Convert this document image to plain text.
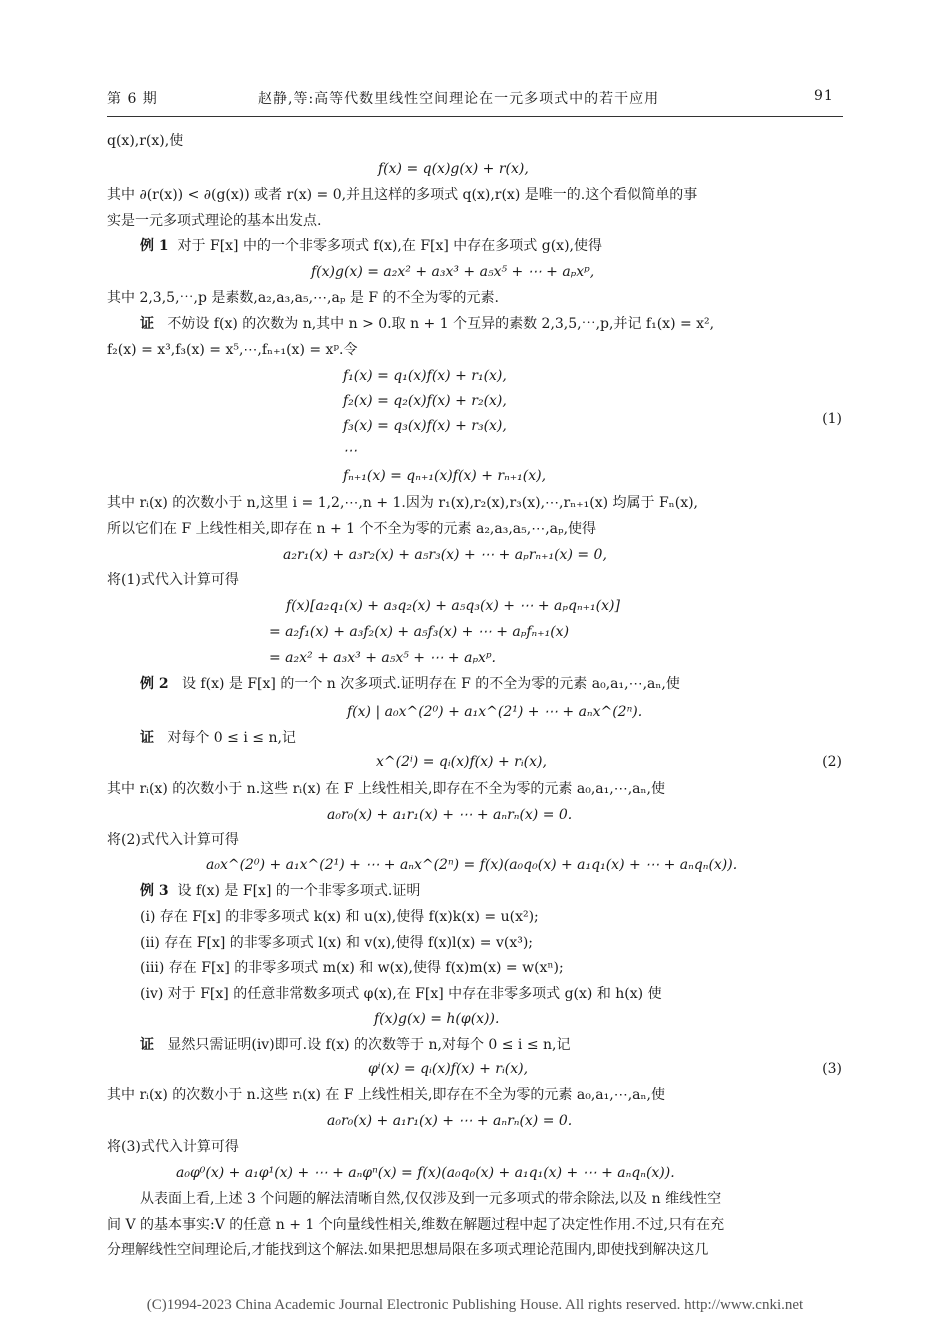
第 6 期	赵静,等:高等代数里线性空间理论在一元多项式中的若干应用	91
q(x),r(x),使
f(x) = q(x)g(x) + r(x),
其中 ∂(r(x)) < ∂(g(x)) 或者 r(x) = 0,并且这样的多项式 q(x),r(x) 是唯一的.这个看似简单的事
实是一元多项式理论的基本出发点.
例 1 对于 F[x] 中的一个非零多项式 f(x),在 F[x] 中存在多项式 g(x),使得
f(x)g(x) = a₂x² + a₃x³ + a₅x⁵ + ⋯ + aₚxᵖ,
其中 2,3,5,⋯,p 是素数,a₂,a₃,a₅,⋯,aₚ 是 F 的不全为零的元素.
证 不妨设 f(x) 的次数为 n,其中 n > 0.取 n + 1 个互异的素数 2,3,5,⋯,p,并记 f₁(x) = x²,
f₂(x) = x³,f₃(x) = x⁵,⋯,fₙ₊₁(x) = xᵖ.令
f₁(x) = q₁(x)f(x) + r₁(x),
f₂(x) = q₂(x)f(x) + r₂(x),
f₃(x) = q₃(x)f(x) + r₃(x),
⋯
fₙ₊₁(x) = qₙ₊₁(x)f(x) + rₙ₊₁(x),
(1)
其中 rᵢ(x) 的次数小于 n,这里 i = 1,2,⋯,n + 1.因为 r₁(x),r₂(x),r₃(x),⋯,rₙ₊₁(x) 均属于 Fₙ(x),
所以它们在 F 上线性相关,即存在 n + 1 个不全为零的元素 a₂,a₃,a₅,⋯,aₚ,使得
a₂r₁(x) + a₃r₂(x) + a₅r₃(x) + ⋯ + aₚrₙ₊₁(x) = 0,
将(1)式代入计算可得
f(x)[a₂q₁(x) + a₃q₂(x) + a₅q₃(x) + ⋯ + aₚqₙ₊₁(x)]
= a₂f₁(x) + a₃f₂(x) + a₅f₃(x) + ⋯ + aₚfₙ₊₁(x)
= a₂x² + a₃x³ + a₅x⁵ + ⋯ + aₚxᵖ.
例 2 设 f(x) 是 F[x] 的一个 n 次多项式.证明存在 F 的不全为零的元素 a₀,a₁,⋯,aₙ,使
f(x) | a₀x^(2⁰) + a₁x^(2¹) + ⋯ + aₙx^(2ⁿ).
证 对每个 0 ≤ i ≤ n,记
x^(2ⁱ) = qᵢ(x)f(x) + rᵢ(x),	(2)
其中 rᵢ(x) 的次数小于 n.这些 rᵢ(x) 在 F 上线性相关,即存在不全为零的元素 a₀,a₁,⋯,aₙ,使
a₀r₀(x) + a₁r₁(x) + ⋯ + aₙrₙ(x) = 0.
将(2)式代入计算可得
a₀x^(2⁰) + a₁x^(2¹) + ⋯ + aₙx^(2ⁿ) = f(x)(a₀q₀(x) + a₁q₁(x) + ⋯ + aₙqₙ(x)).
例 3 设 f(x) 是 F[x] 的一个非零多项式.证明
(i) 存在 F[x] 的非零多项式 k(x) 和 u(x),使得 f(x)k(x) = u(x²);
(ii) 存在 F[x] 的非零多项式 l(x) 和 v(x),使得 f(x)l(x) = v(x³);
(iii) 存在 F[x] 的非零多项式 m(x) 和 w(x),使得 f(x)m(x) = w(xⁿ);
(iv) 对于 F[x] 的任意非常数多项式 φ(x),在 F[x] 中存在非零多项式 g(x) 和 h(x) 使
f(x)g(x) = h(φ(x)).
证 显然只需证明(iv)即可.设 f(x) 的次数等于 n,对每个 0 ≤ i ≤ n,记
φⁱ(x) = qᵢ(x)f(x) + rᵢ(x),	(3)
其中 rᵢ(x) 的次数小于 n.这些 rᵢ(x) 在 F 上线性相关,即存在不全为零的元素 a₀,a₁,⋯,aₙ,使
a₀r₀(x) + a₁r₁(x) + ⋯ + aₙrₙ(x) = 0.
将(3)式代入计算可得
a₀φ⁰(x) + a₁φ¹(x) + ⋯ + aₙφⁿ(x) = f(x)(a₀q₀(x) + a₁q₁(x) + ⋯ + aₙqₙ(x)).
从表面上看,上述 3 个问题的解法清晰自然,仅仅涉及到一元多项式的带余除法,以及 n 维线性空
间 V 的基本事实:V 的任意 n + 1 个向量线性相关,维数在解题过程中起了决定性作用.不过,只有在充
分理解线性空间理论后,才能找到这个解法.如果把思想局限在多项式理论范围内,即使找到解决这几
(C)1994-2023 China Academic Journal Electronic Publishing House. All rights reserved. http://www.cnki.net
